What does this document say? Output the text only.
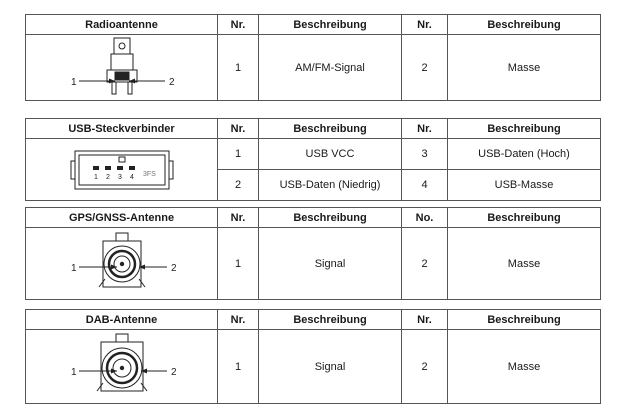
Radioantenne	Nr.	Beschreibung	Nr.	Beschreibung

1 2	1	AM/FM-Signal	2	Masse
USB-Steckverbinder	Nr.	Beschreibung	Nr.	Beschreibung

1 2 3 4 3FS	1	USB VCC	3	USB-Daten (Hoch)
	2	USB-Daten (Niedrig)	4	USB-Masse
GPS/GNSS-Antenne	Nr.	Beschreibung	No.	Beschreibung

1 2	1	Signal	2	Masse
DAB-Antenne	Nr.	Beschreibung	Nr.	Beschreibung

1 2	1	Signal	2	Masse
